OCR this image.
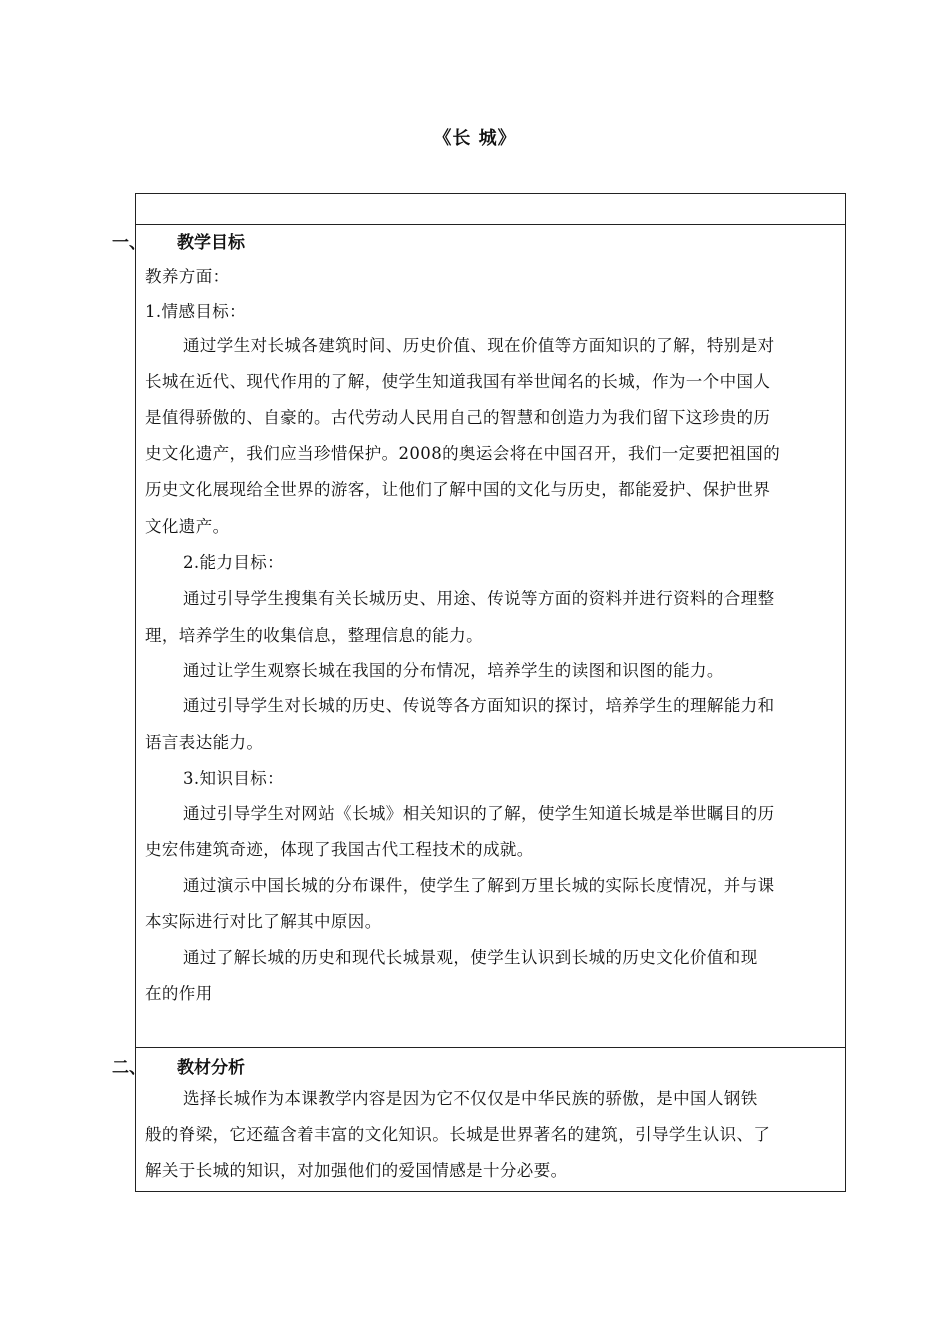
《长 城》
一、 教学目标
教养方面：
1.情感目标：
通过学生对长城各建筑时间、历史价值、现在价值等方面知识的了解，特别是对
长城在近代、现代作用的了解，使学生知道我国有举世闻名的长城，作为一个中国人
是值得骄傲的、自豪的。古代劳动人民用自己的智慧和创造力为我们留下这珍贵的历
史文化遗产，我们应当珍惜保护。2008的奥运会将在中国召开，我们一定要把祖国的
历史文化展现给全世界的游客，让他们了解中国的文化与历史，都能爱护、保护世界
文化遗产。
2.能力目标：
通过引导学生搜集有关长城历史、用途、传说等方面的资料并进行资料的合理整
理，培养学生的收集信息，整理信息的能力。
通过让学生观察长城在我国的分布情况，培养学生的读图和识图的能力。
通过引导学生对长城的历史、传说等各方面知识的探讨，培养学生的理解能力和
语言表达能力。
3.知识目标：
通过引导学生对网站《长城》相关知识的了解，使学生知道长城是举世瞩目的历
史宏伟建筑奇迹，体现了我国古代工程技术的成就。
通过演示中国长城的分布课件，使学生了解到万里长城的实际长度情况，并与课
本实际进行对比了解其中原因。
通过了解长城的历史和现代长城景观，使学生认识到长城的历史文化价值和现
在的作用
二、 教材分析
选择长城作为本课教学内容是因为它不仅仅是中华民族的骄傲，是中国人钢铁
般的脊梁，它还蕴含着丰富的文化知识。长城是世界著名的建筑，引导学生认识、了
解关于长城的知识，对加强他们的爱国情感是十分必要。
